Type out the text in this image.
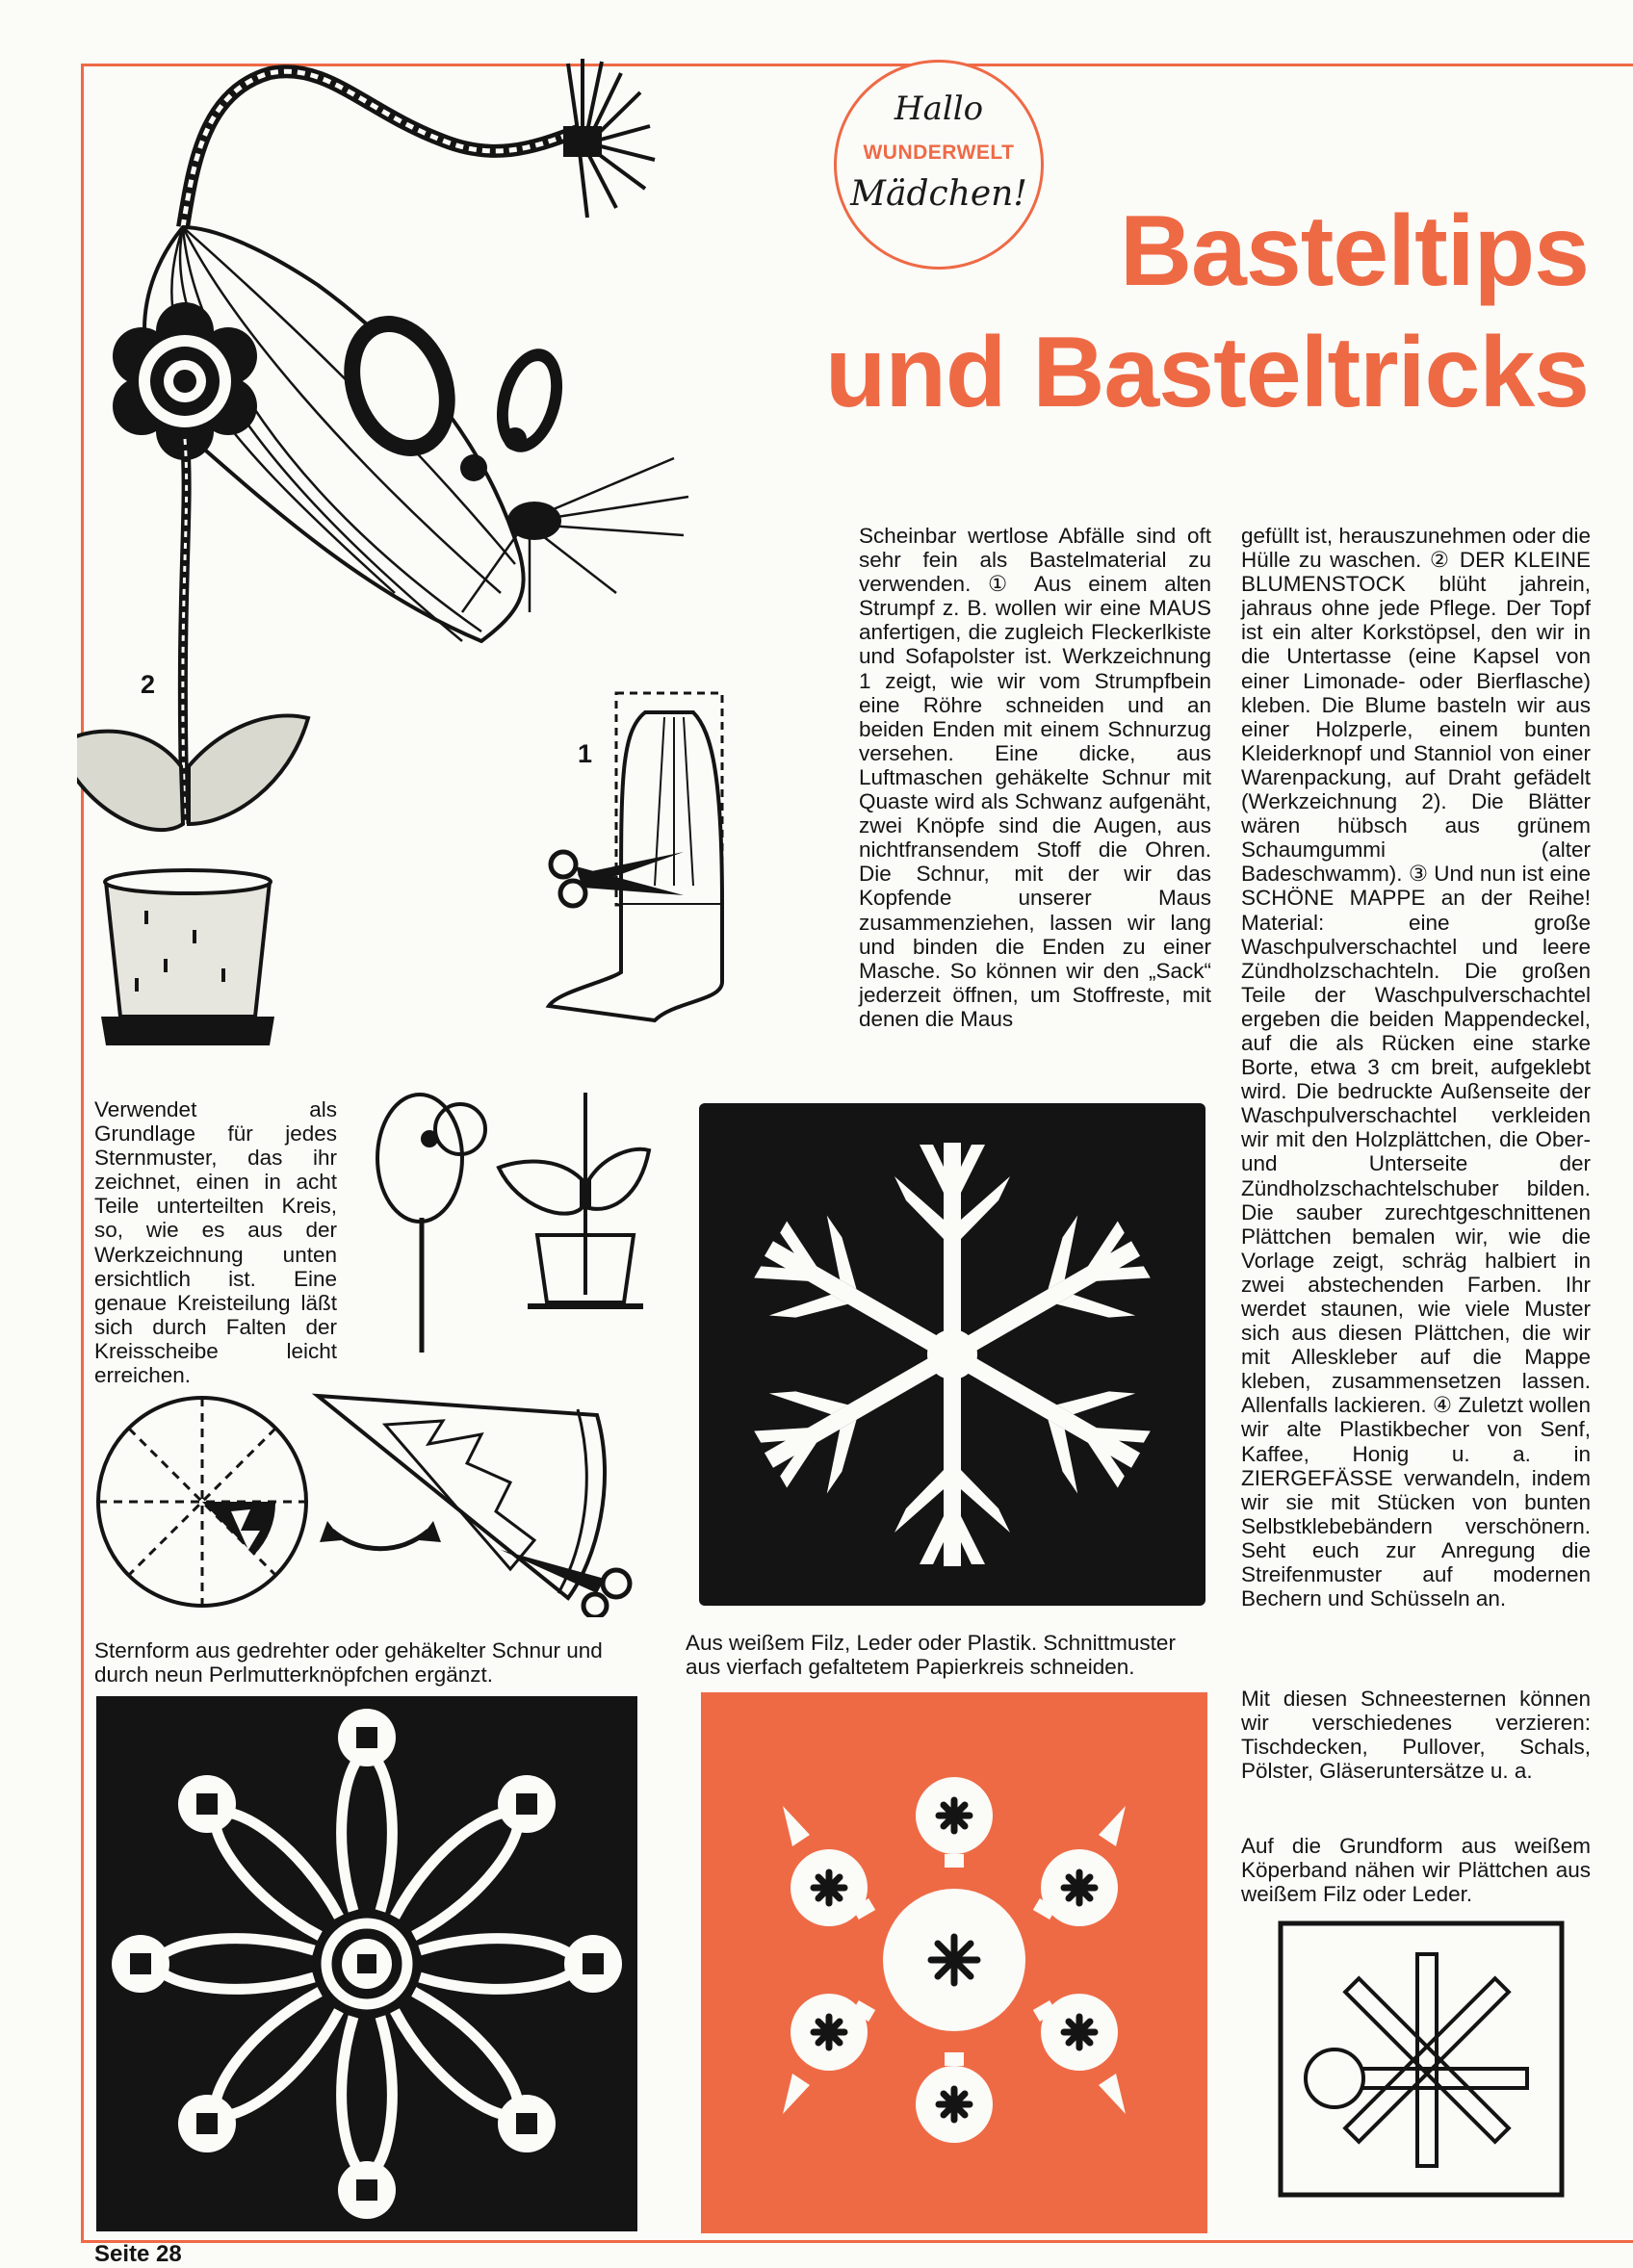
Hallo
WUNDERWELT
Mädchen!
Basteltips
und Basteltricks
2
1

Scheinbar wertlose Abfälle sind oft sehr fein als Bastelmaterial zu verwenden. ① Aus einem alten Strumpf z. B. wollen wir eine MAUS anfertigen, die zugleich Fleckerlkiste und Sofapolster ist. Werkzeichnung 1 zeigt, wie wir vom Strumpfbein eine Röhre schneiden und an beiden Enden mit einem Schnurzug versehen. Eine dicke, aus Luftmaschen gehäkelte Schnur mit Quaste wird als Schwanz aufgenäht, zwei Knöpfe sind die Augen, aus nichtfransendem Stoff die Ohren. Die Schnur, mit der wir das Kopfende unserer Maus zusammenziehen, lassen wir lang und binden die Enden zu einer Masche. So können wir den „Sack“ jederzeit öffnen, um Stoffreste, mit denen die Maus

gefüllt ist, herauszunehmen oder die Hülle zu waschen. ② DER KLEINE BLUMENSTOCK blüht jahrein, jahraus ohne jede Pflege. Der Topf ist ein alter Korkstöpsel, den wir in die Untertasse (eine Kapsel von einer Limonade- oder Bierflasche) kleben. Die Blume basteln wir aus einer Holzperle, einem bunten Kleiderknopf und Stanniol von einer Warenpackung, auf Draht gefädelt (Werkzeichnung 2). Die Blätter wären hübsch aus grünem Schaumgummi (alter Badeschwamm). ③ Und nun ist eine SCHÖNE MAPPE an der Reihe! Material: eine große Waschpulverschachtel und leere Zündholzschachteln. Die großen Teile der Waschpulverschachtel ergeben die beiden Mappendeckel, auf die als Rücken eine starke Borte, etwa 3 cm breit, aufgeklebt wird. Die bedruckte Außenseite der Waschpulverschachtel verkleiden wir mit den Holzplättchen, die Ober- und Unterseite der Zündholzschachtelschuber bilden. Die sauber zurechtgeschnittenen Plättchen bemalen wir, wie die Vorlage zeigt, schräg halbiert in zwei abstechenden Farben. Ihr werdet staunen, wie viele Muster sich aus diesen Plättchen, die wir mit Alleskleber auf die Mappe kleben, zusammensetzen lassen. Allenfalls lackieren. ④ Zuletzt wollen wir alte Plastikbecher von Senf, Kaffee, Honig u. a. in ZIERGEFÄSSE verwandeln, indem wir sie mit Stücken von bunten Selbstklebebändern verschönern. Seht euch zur Anregung die Streifenmuster auf modernen Bechern und Schüsseln an.

Verwendet als Grundlage für jedes Sternmuster, das ihr zeichnet, einen in acht Teile unterteilten Kreis, so, wie es aus der Werkzeichnung unten ersichtlich ist. Eine genaue Kreisteilung läßt sich durch Falten der Kreisscheibe leicht erreichen.

Sternform aus gedrehter oder gehäkelter Schnur und durch neun Perlmutterknöpfchen ergänzt.

Aus weißem Filz, Leder oder Plastik. Schnittmuster aus vierfach gefaltetem Papierkreis schneiden.

Mit diesen Schneesternen können wir verschiedenes verzieren: Tischdecken, Pullover, Schals, Pölster, Gläseruntersätze u. a.

Auf die Grundform aus weißem Köperband nähen wir Plättchen aus weißem Filz oder Leder.

Seite 28
